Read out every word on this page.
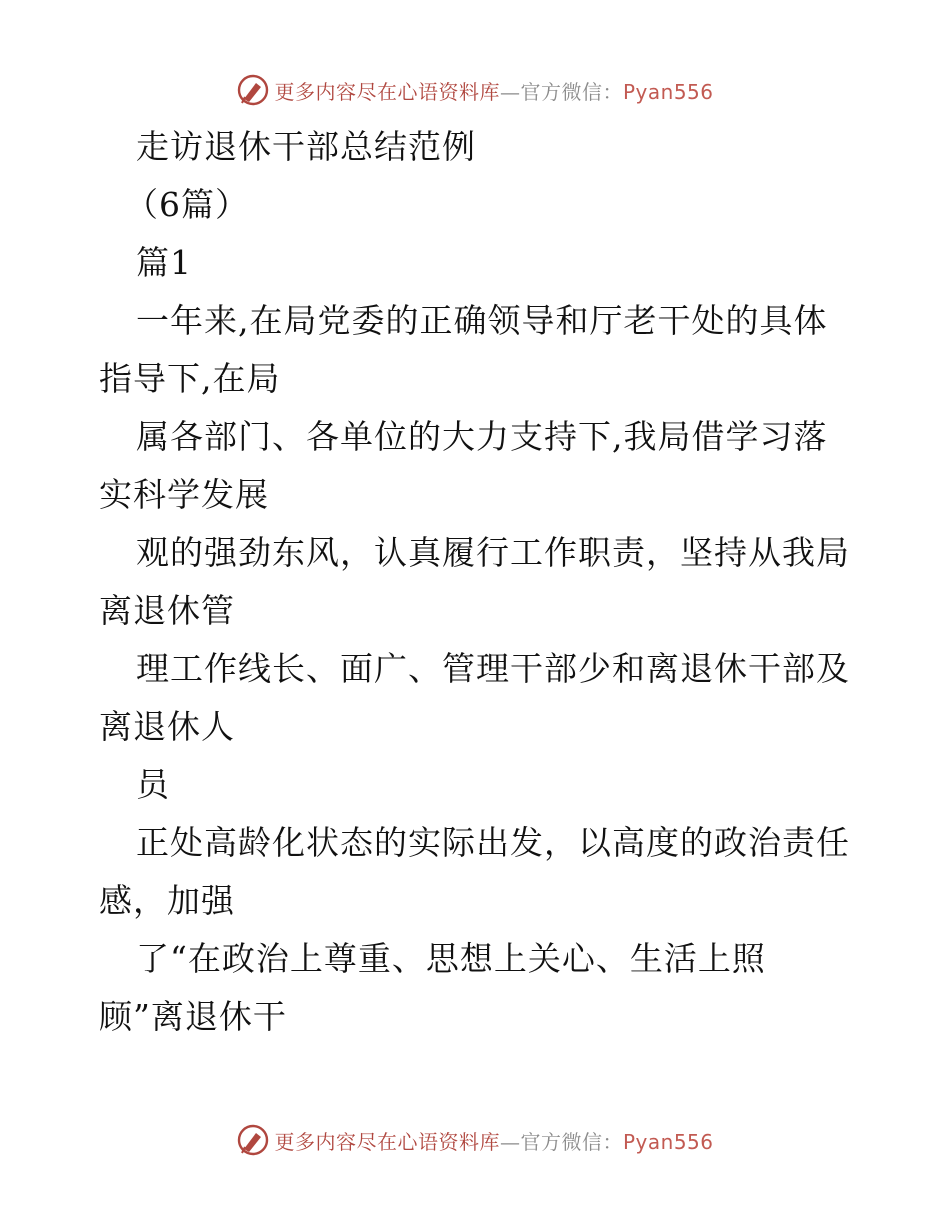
更多内容尽在心语资料库—官方微信：Pyan556
走访退休干部总结范例
（6篇）
篇1
一年来,在局党委的正确领导和厅老干处的具体
指导下,在局
属各部门、各单位的大力支持下,我局借学习落
实科学发展
观的强劲东风，认真履行工作职责，坚持从我局
离退休管
理工作线长、面广、管理干部少和离退休干部及
离退休人
员
正处高龄化状态的实际出发，以高度的政治责任
感，加强
了“在政治上尊重、思想上关心、生活上照
顾”离退休干
更多内容尽在心语资料库—官方微信：Pyan556
